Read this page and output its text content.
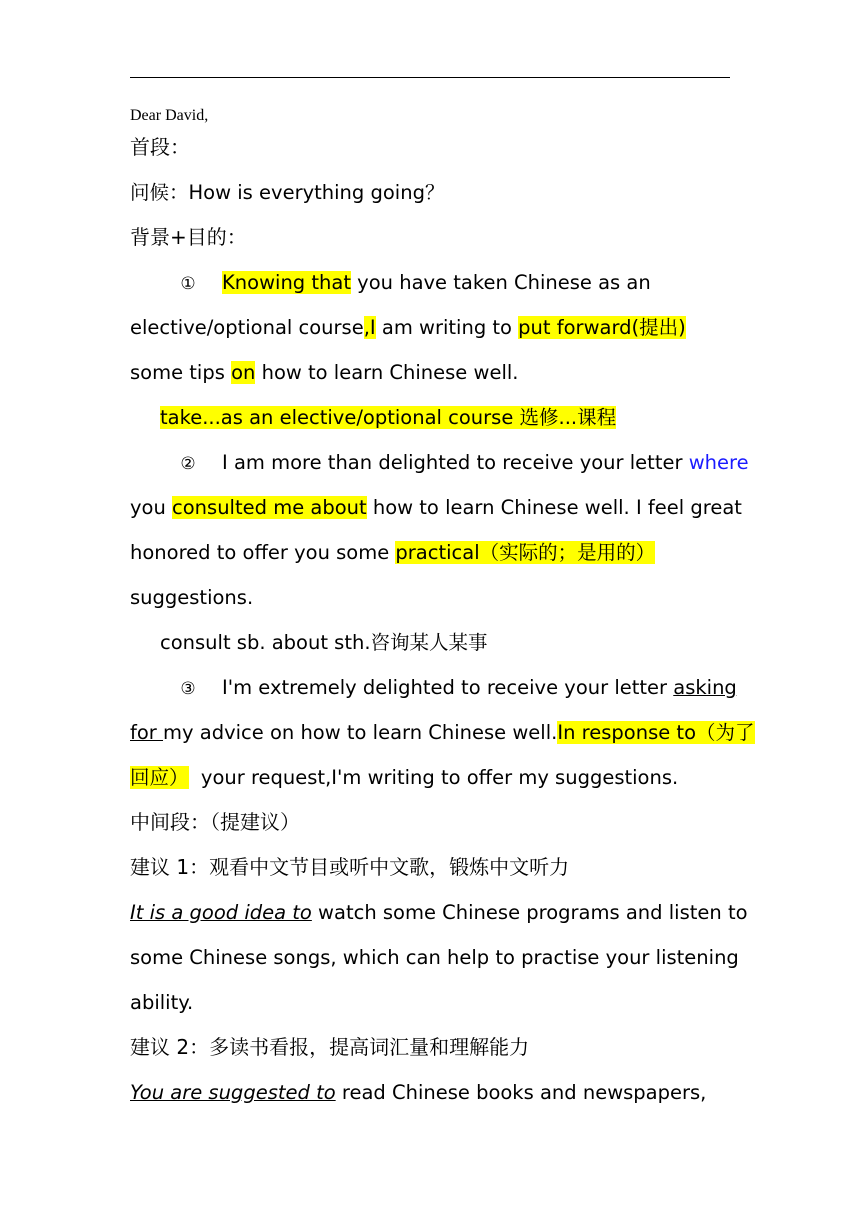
Dear David,
首段：
问候：How is everything going？
背景+目的：
① Knowing that you have taken Chinese as an
elective/optional course,I am writing to put forward(提出)
some tips on how to learn Chinese well.
take...as an elective/optional course 选修...课程
② I am more than delighted to receive your letter where
you consulted me about how to learn Chinese well. I feel great
honored to offer you some practical（实际的；是用的）
suggestions.
consult sb. about sth.咨询某人某事
③ I'm extremely delighted to receive your letter asking
for my advice on how to learn Chinese well.In response to（为了
回应）  your request,I'm writing to offer my suggestions.
中间段：（提建议）
建议 1：观看中文节目或听中文歌，锻炼中文听力
It is a good idea to watch some Chinese programs and listen to
some Chinese songs, which can help to practise your listening
ability.
建议 2：多读书看报，提高词汇量和理解能力
You are suggested to read Chinese books and newspapers,
